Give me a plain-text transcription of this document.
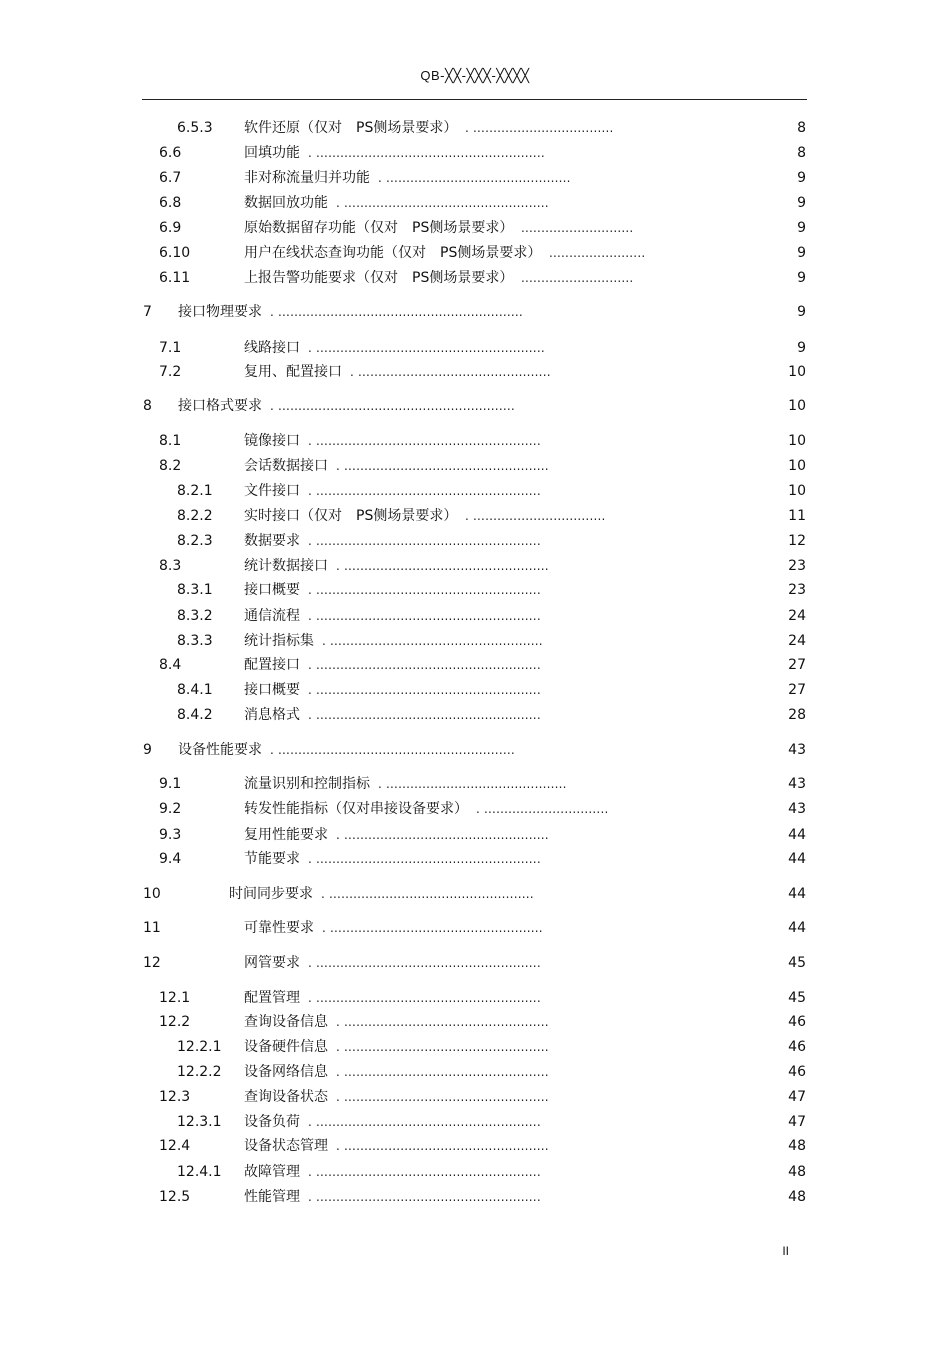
QB-╳╳-╳╳╳-╳╳╳╳
6.5.3 软件还原（仅对　PS侧场景要求） . ...................................	8
6.6	回填功能 . .........................................................	8
6.7	非对称流量归并功能 . ..............................................	9
6.8	数据回放功能 . ...................................................	9
6.9	原始数据留存功能（仅对　PS侧场景要求） ............................	9
6.10	用户在线状态查询功能（仅对　PS侧场景要求） ........................	9
6.11	上报告警功能要求（仅对　PS侧场景要求） ............................	9
7 接口物理要求 . .............................................................	9
7.1	线路接口 . .........................................................	9
7.2	复用、配置接口 . ................................................	10
8 接口格式要求 . ...........................................................	10
8.1	镜像接口 . ........................................................	10
8.2	会话数据接口 . ...................................................	10
8.2.1 文件接口 . ........................................................	10
8.2.2 实时接口（仅对　PS侧场景要求） . .................................	11
8.2.3 数据要求 . ........................................................	12
8.3	统计数据接口 . ...................................................	23
8.3.1 接口概要 . ........................................................	23
8.3.2 通信流程 . ........................................................	24
8.3.3 统计指标集 . .....................................................	24
8.4	配置接口 . ........................................................	27
8.4.1 接口概要 . ........................................................	27
8.4.2 消息格式 . ........................................................	28
9 设备性能要求 . ...........................................................	43
9.1	流量识别和控制指标 . .............................................	43
9.2	转发性能指标（仅对串接设备要求） . ...............................	43
9.3	复用性能要求 . ...................................................	44
9.4	节能要求 . ........................................................	44
10	时间同步要求 . ...................................................	44
11	可靠性要求 . .....................................................	44
12	网管要求 . ........................................................	45
12.1	配置管理 . ........................................................	45
12.2	查询设备信息 . ...................................................	46
12.2.1 设备硬件信息 . ...................................................	46
12.2.2 设备网络信息 . ...................................................	46
12.3	查询设备状态 . ...................................................	47
12.3.1 设备负荷 . ........................................................	47
12.4	设备状态管理 . ...................................................	48
12.4.1 故障管理 . ........................................................	48
12.5	性能管理 . ........................................................	48
II
